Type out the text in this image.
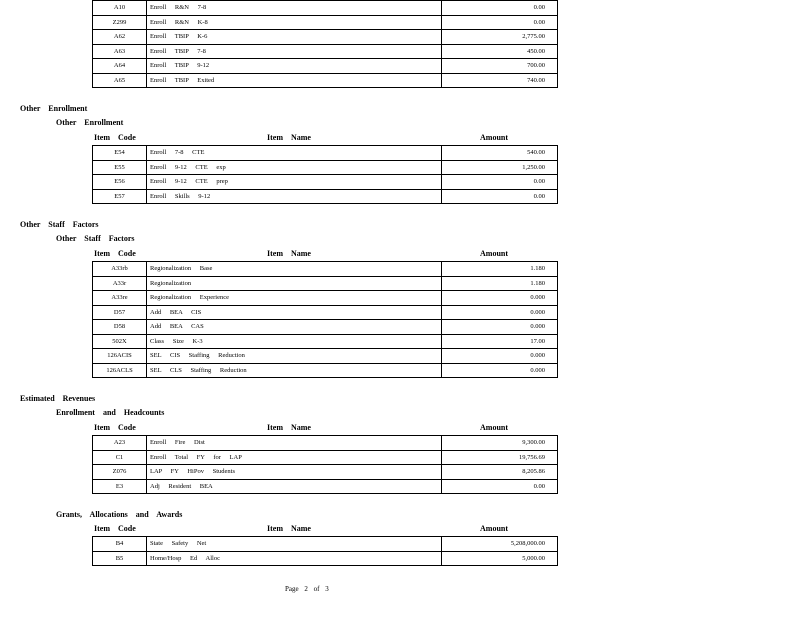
A10	Enroll R&N 7-8	0.00
Z299	Enroll R&N K-8	0.00
A62	Enroll TBIP K-6	2,775.00
A63	Enroll TBIP 7-8	450.00
A64	Enroll TBIP 9-12	700.00
A65	Enroll TBIP Exited	740.00
Other Enrollment
Other Enrollment
Item Code	Item Name	Amount
E54	Enroll 7-8 CTE	540.00
E55	Enroll 9-12 CTE exp	1,250.00
E56	Enroll 9-12 CTE prep	0.00
E57	Enroll Skills 9-12	0.00
Other Staff Factors
Other Staff Factors
Item Code	Item Name	Amount
A33rb	Regionalization Base	1.180
A33r	Regionalization	1.180
A33re	Regionalization Experience	0.000
D57	Add BEA CIS	0.000
D58	Add BEA CAS	0.000
502X	Class Size K-3	17.00
126ACIS	SEL CIS Staffing Reduction	0.000
126ACLS	SEL CLS Staffing Reduction	0.000
Estimated Revenues
Enrollment and Headcounts
Item Code	Item Name	Amount
A23	Enroll Fire Dist	9,300.00
C1	Enroll Total FY for LAP	19,756.69
Z076	LAP FY HiPov Students	8,205.86
E3	Adj Resident BEA	0.00
Grants, Allocations and Awards
Item Code	Item Name	Amount
B4	State Safety Net	5,208,000.00
B5	Home/Hosp Ed Alloc	5,000.00
Page 2 of 3
